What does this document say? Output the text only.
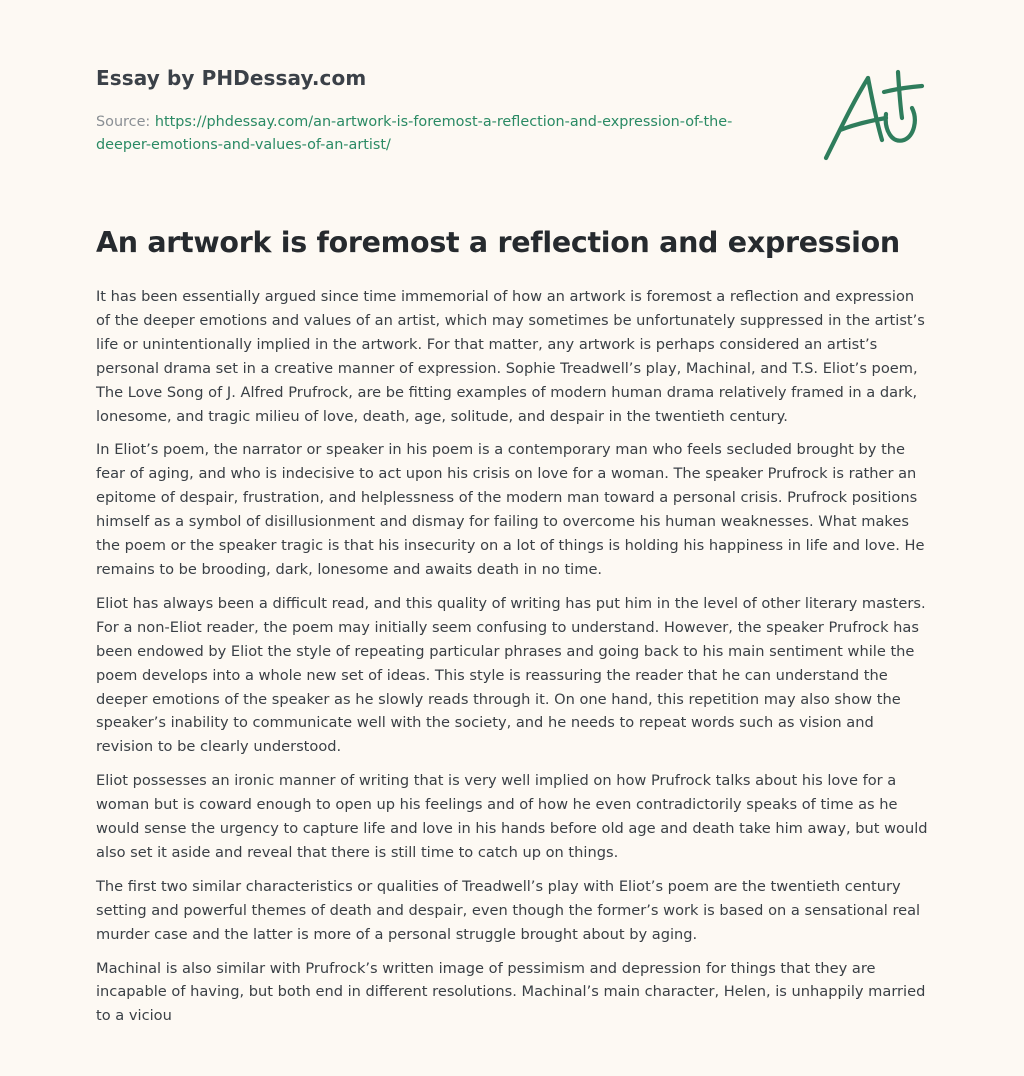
Essay by PHDessay.com
Source: https://phdessay.com/an-artwork-is-foremost-a-reflection-and-expression-of-the-deeper-emotions-and-values-of-an-artist/
An artwork is foremost a reflection and expression

It has been essentially argued since time immemorial of how an artwork is foremost a reflection and expression of the deeper emotions and values of an artist, which may sometimes be unfortunately suppressed in the artist’s life or unintentionally implied in the artwork. For that matter, any artwork is perhaps considered an artist’s personal drama set in a creative manner of expression. Sophie Treadwell’s play, Machinal, and T.S. Eliot’s poem, The Love Song of J. Alfred Prufrock, are be fitting examples of modern human drama relatively framed in a dark, lonesome, and tragic milieu of love, death, age, solitude, and despair in the twentieth century.

In Eliot’s poem, the narrator or speaker in his poem is a contemporary man who feels secluded brought by the fear of aging, and who is indecisive to act upon his crisis on love for a woman. The speaker Prufrock is rather an epitome of despair, frustration, and helplessness of the modern man toward a personal crisis. Prufrock positions himself as a symbol of disillusionment and dismay for failing to overcome his human weaknesses. What makes the poem or the speaker tragic is that his insecurity on a lot of things is holding his happiness in life and love. He remains to be brooding, dark, lonesome and awaits death in no time.

Eliot has always been a difficult read, and this quality of writing has put him in the level of other literary masters. For a non-Eliot reader, the poem may initially seem confusing to understand. However, the speaker Prufrock has been endowed by Eliot the style of repeating particular phrases and going back to his main sentiment while the poem develops into a whole new set of ideas. This style is reassuring the reader that he can understand the deeper emotions of the speaker as he slowly reads through it. On one hand, this repetition may also show the speaker’s inability to communicate well with the society, and he needs to repeat words such as vision and revision to be clearly understood.

Eliot possesses an ironic manner of writing that is very well implied on how Prufrock talks about his love for a woman but is coward enough to open up his feelings and of how he even contradictorily speaks of time as he would sense the urgency to capture life and love in his hands before old age and death take him away, but would also set it aside and reveal that there is still time to catch up on things.

The first two similar characteristics or qualities of Treadwell’s play with Eliot’s poem are the twentieth century setting and powerful themes of death and despair, even though the former’s work is based on a sensational real murder case and the latter is more of a personal struggle brought about by aging.

Machinal is also similar with Prufrock’s written image of pessimism and depression for things that they are incapable of having, but both end in different resolutions. Machinal’s main character, Helen, is unhappily married to a viciou
